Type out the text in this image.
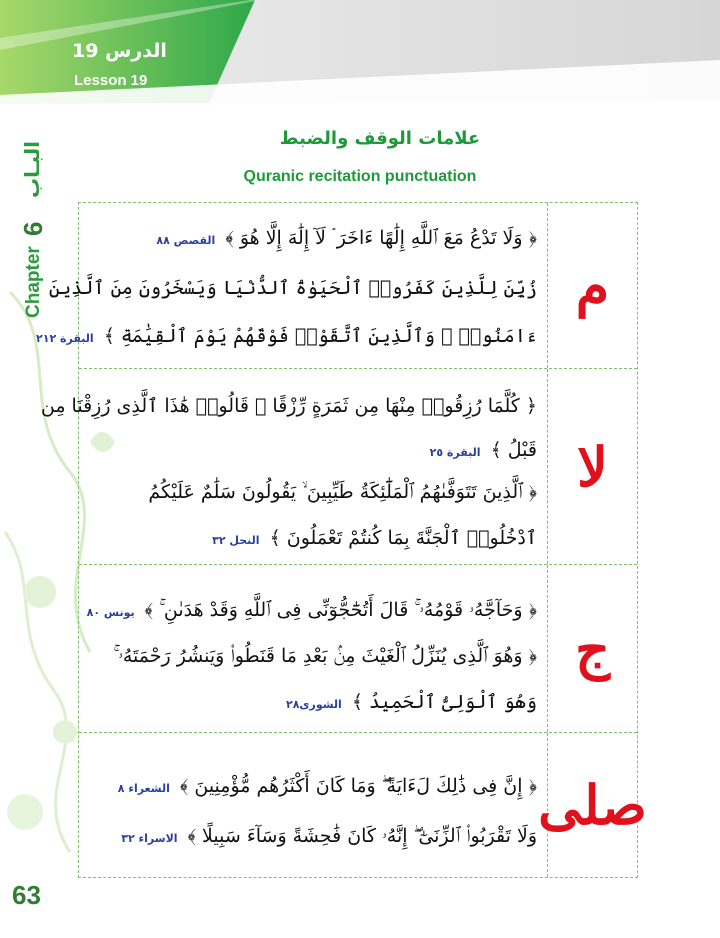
الدرس 19
Lesson 19
Chapter
6
البـاب
علامات الوقف والضبط
Quranic recitation punctuation
م
﴿ وَلَا تَدْعُ مَعَ ٱللَّهِ إِلَٰهًا ءَاخَرَ ۘ لَآ إِلَٰهَ إِلَّا هُوَ ﴾ القصص ٨٨
زُيِّنَ لِلَّذِينَ كَفَرُوا۟ ٱلْحَيَوٰةُ ٱلدُّنْيَا وَيَسْخَرُونَ مِنَ ٱلَّذِينَ
ءَامَنُوا۟ ۘ وَٱلَّذِينَ ٱتَّقَوْا۟ فَوْقَهُمْ يَوْمَ ٱلْقِيَٰمَةِ ﴾ البقرة ٢١٢
لا
﴿ كُلَّمَا رُزِقُوا۟ مِنْهَا مِن ثَمَرَةٍ رِّزْقًا ۙ قَالُوا۟ هَٰذَا ٱلَّذِى رُزِقْنَا مِن
قَبْلُ ﴾ البقرة ٢٥
﴿ ٱلَّذِينَ تَتَوَفَّىٰهُمُ ٱلْمَلَٰٓئِكَةُ طَيِّبِينَ ۙ يَقُولُونَ سَلَٰمٌ عَلَيْكُمُ
ٱدْخُلُوا۟ ٱلْجَنَّةَ بِمَا كُنتُمْ تَعْمَلُونَ ﴾ النحل ٣٢
ج
﴿ وَحَآجَّهُۥ قَوْمُهُۥ ۚ قَالَ أَتُحَٰٓجُّوٓنِّى فِى ٱللَّهِ وَقَدْ هَدَىٰنِ ۚ ﴾ يونس ٨٠
﴿ وَهُوَ ٱلَّذِى يُنَزِّلُ ٱلْغَيْثَ مِنۢ بَعْدِ مَا قَنَطُوا۟ وَيَنشُرُ رَحْمَتَهُۥ ۚ
وَهُوَ ٱلْوَلِىُّ ٱلْحَمِيدُ ﴾ الشورى٢٨
صلى
﴿ إِنَّ فِى ذَٰلِكَ لَءَايَةً ۖ وَمَا كَانَ أَكْثَرُهُم مُّؤْمِنِينَ ﴾ الشعراء ٨
وَلَا تَقْرَبُوا۟ ٱلزِّنَىٰٓ ۖ إِنَّهُۥ كَانَ فَٰحِشَةً وَسَآءَ سَبِيلًا ﴾ الاسراء ٣٢
63
